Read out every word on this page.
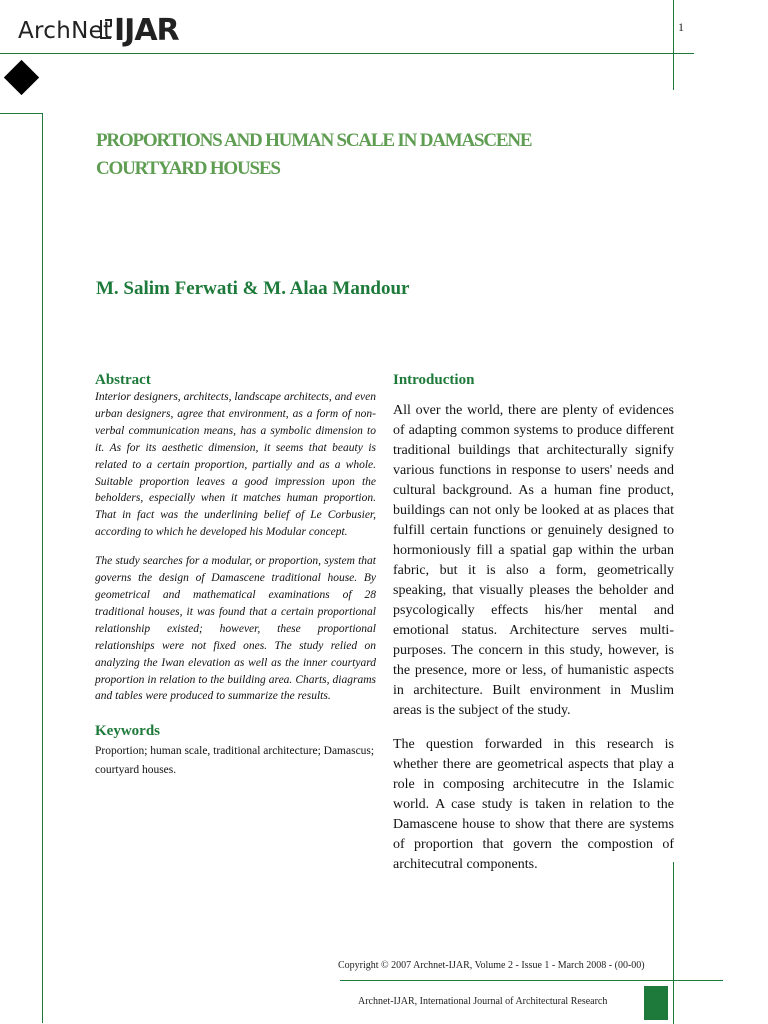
ArchNet IJAR	1
PROPORTIONS AND HUMAN SCALE IN DAMASCENE COURTYARD HOUSES
M. Salim Ferwati & M. Alaa Mandour
Abstract

Interior designers, architects, landscape architects, and even urban designers, agree that environment, as a form of non-verbal communication means, has a symbolic dimension to it. As for its aesthetic dimension, it seems that beauty is related to a certain proportion, partially and as a whole. Suitable proportion leaves a good impression upon the beholders, especially when it matches human proportion. That in fact was the underlining belief of Le Corbusier, according to which he developed his Modular concept.

The study searches for a modular, or proportion, system that governs the design of Damascene traditional house. By geometrical and mathematical examinations of 28 traditional houses, it was found that a certain proportional relationship existed; however, these proportional relationships were not fixed ones. The study relied on analyzing the Iwan elevation as well as the inner courtyard proportion in relation to the building area. Charts, diagrams and tables were produced to summarize the results.

Keywords

Proportion; human scale, traditional architecture; Damascus; courtyard houses.

Introduction

All over the world, there are plenty of evidences of adapting common systems to produce different traditional buildings that architecturally signify various functions in response to users' needs and cultural background. As a human fine product, buildings can not only be looked at as places that fulfill certain functions or genuinely designed to hormoniously fill a spatial gap within the urban fabric, but it is also a form, geometrically speaking, that visually pleases the beholder and psycologically effects his/her mental and emotional status. Architecture serves multi-purposes. The concern in this study, however, is the presence, more or less, of humanistic aspects in architecture. Built environment in Muslim areas is the subject of the study.

The question forwarded in this research is whether there are geometrical aspects that play a role in composing architecutre in the Islamic world. A case study is taken in relation to the Damascene house to show that there are systems of proportion that govern the compostion of architecutral components.

Copyright © 2007 Archnet-IJAR, Volume 2 - Issue 1 - March 2008 - (00-00)
Archnet-IJAR, International Journal of Architectural Research
